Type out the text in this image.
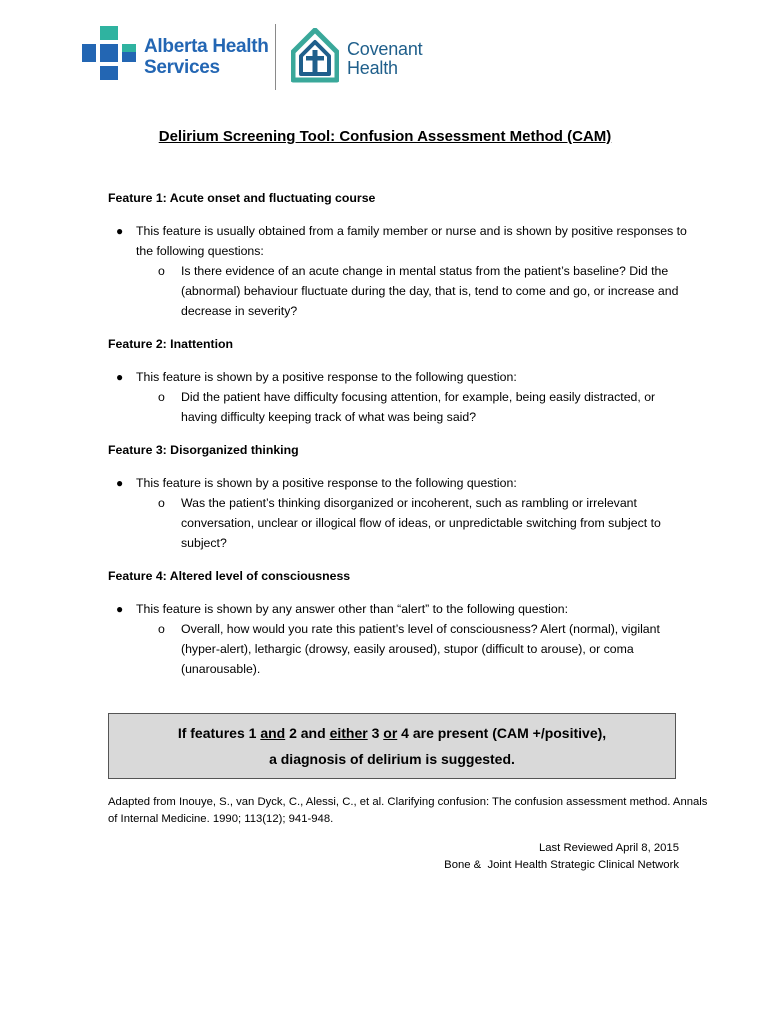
Alberta Health
Services
Covenant
Health
Delirium Screening Tool: Confusion Assessment Method (CAM)

Feature 1: Acute onset and fluctuating course

● This feature is usually obtained from a family member or nurse and is shown by positive responses to the following questions:
o Is there evidence of an acute change in mental status from the patient’s baseline? Did the (abnormal) behaviour fluctuate during the day, that is, tend to come and go, or increase and decrease in severity?

Feature 2: Inattention

● This feature is shown by a positive response to the following question:
o Did the patient have difficulty focusing attention, for example, being easily distracted, or having difficulty keeping track of what was being said?

Feature 3: Disorganized thinking

● This feature is shown by a positive response to the following question:
o Was the patient’s thinking disorganized or incoherent, such as rambling or irrelevant conversation, unclear or illogical flow of ideas, or unpredictable switching from subject to subject?

Feature 4: Altered level of consciousness

● This feature is shown by any answer other than “alert” to the following question:
o Overall, how would you rate this patient’s level of consciousness? Alert (normal), vigilant (hyper-alert), lethargic (drowsy, easily aroused), stupor (difficult to arouse), or coma (unarousable).
If features 1 and 2 and either 3 or 4 are present (CAM +/positive),
a diagnosis of delirium is suggested.
Adapted from Inouye, S., van Dyck, C., Alessi, C., et al. Clarifying confusion: The confusion assessment method. Annals of Internal Medicine. 1990; 113(12); 941-948.
Last Reviewed April 8, 2015
Bone &  Joint Health Strategic Clinical Network
